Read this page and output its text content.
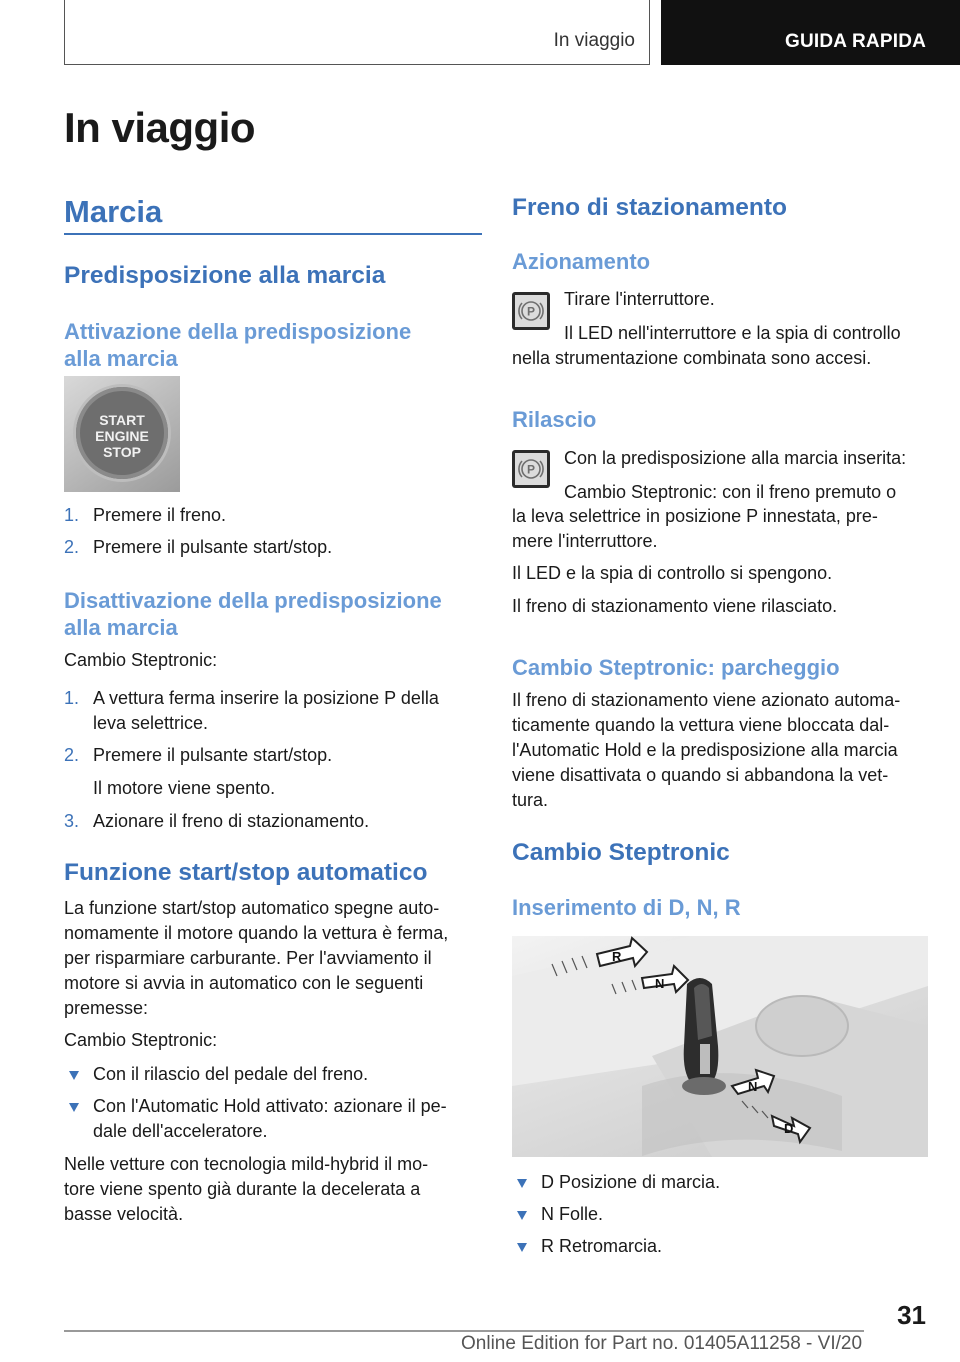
In viaggio	GUIDA RAPIDA
In viaggio
Marcia
Predisposizione alla marcia
Attivazione della predisposizione
alla marcia
START
ENGINE
STOP
1. Premere il freno.
2. Premere il pulsante start/stop.
Disattivazione della predisposizione
alla marcia
Cambio Steptronic:
1. A vettura ferma inserire la posizione P della
leva selettrice.
2. Premere il pulsante start/stop.
Il motore viene spento.
3. Azionare il freno di stazionamento.
Funzione start/stop automatico
La funzione start/stop automatico spegne auto-
nomamente il motore quando la vettura è ferma,
per risparmiare carburante. Per l'avviamento il
motore si avvia in automatico con le seguenti
premesse:
Cambio Steptronic:
Con il rilascio del pedale del freno.
Con l'Automatic Hold attivato: azionare il pe-
dale dell'acceleratore.
Nelle vetture con tecnologia mild-hybrid il mo-
tore viene spento già durante la decelerata a
basse velocità.
Freno di stazionamento
Azionamento
P
Tirare l'interruttore.
Il LED nell'interruttore e la spia di controllo
nella strumentazione combinata sono accesi.
Rilascio
P
Con la predisposizione alla marcia inserita:
Cambio Steptronic: con il freno premuto o
la leva selettrice in posizione P innestata, pre-
mere l'interruttore.
Il LED e la spia di controllo si spengono.
Il freno di stazionamento viene rilasciato.
Cambio Steptronic: parcheggio
Il freno di stazionamento viene azionato automa-
ticamente quando la vettura viene bloccata dal-
l'Automatic Hold e la predisposizione alla marcia
viene disattivata o quando si abbandona la vet-
tura.
Cambio Steptronic
Inserimento di D, N, R
R
N
N
D
D Posizione di marcia.
N Folle.
R Retromarcia.
31
Online Edition for Part no. 01405A11258 - VI/20
